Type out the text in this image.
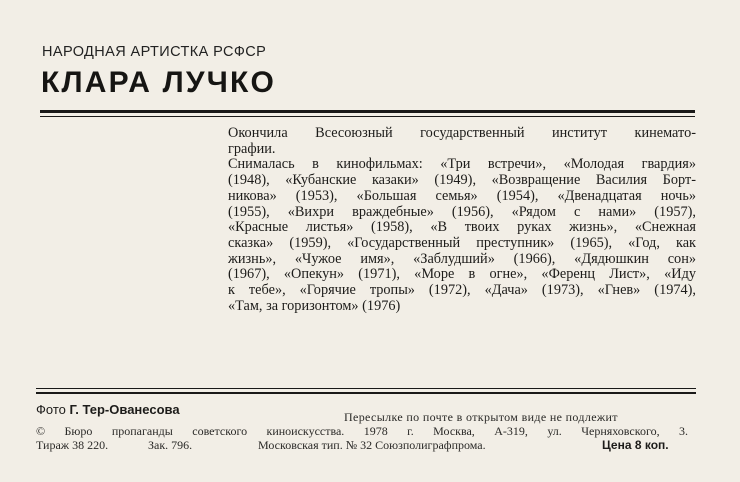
НАРОДНАЯ АРТИСТКА РСФСР
КЛАРА ЛУЧКО
Окончила Всесоюзный государственный институт кинемато-
графии.
Снималась в кинофильмах: «Три встречи», «Молодая гвардия»
(1948), «Кубанские казаки» (1949), «Возвращение Василия Борт-
никова» (1953), «Большая семья» (1954), «Двенадцатая ночь»
(1955), «Вихри враждебные» (1956), «Рядом с нами» (1957),
«Красные листья» (1958), «В твоих руках жизнь», «Снежная
сказка» (1959), «Государственный преступник» (1965), «Год, как
жизнь», «Чужое имя», «Заблудший» (1966), «Дядюшкин сон»
(1967), «Опекун» (1971), «Море в огне», «Ференц Лист», «Иду
к тебе», «Горячие тропы» (1972), «Дача» (1973), «Гнев» (1974),
«Там, за горизонтом» (1976)
Фото Г. Тер-Ованесова	Пересылке по почте в открытом виде не подлежит
© Бюро пропаганды советского киноискусства. 1978 г. Москва, А-319, ул. Черняховского, 3.
Тираж 38 220.	Зак. 796.	Московская тип. № 32 Союзполиграфпрома.	Цена 8 коп.
